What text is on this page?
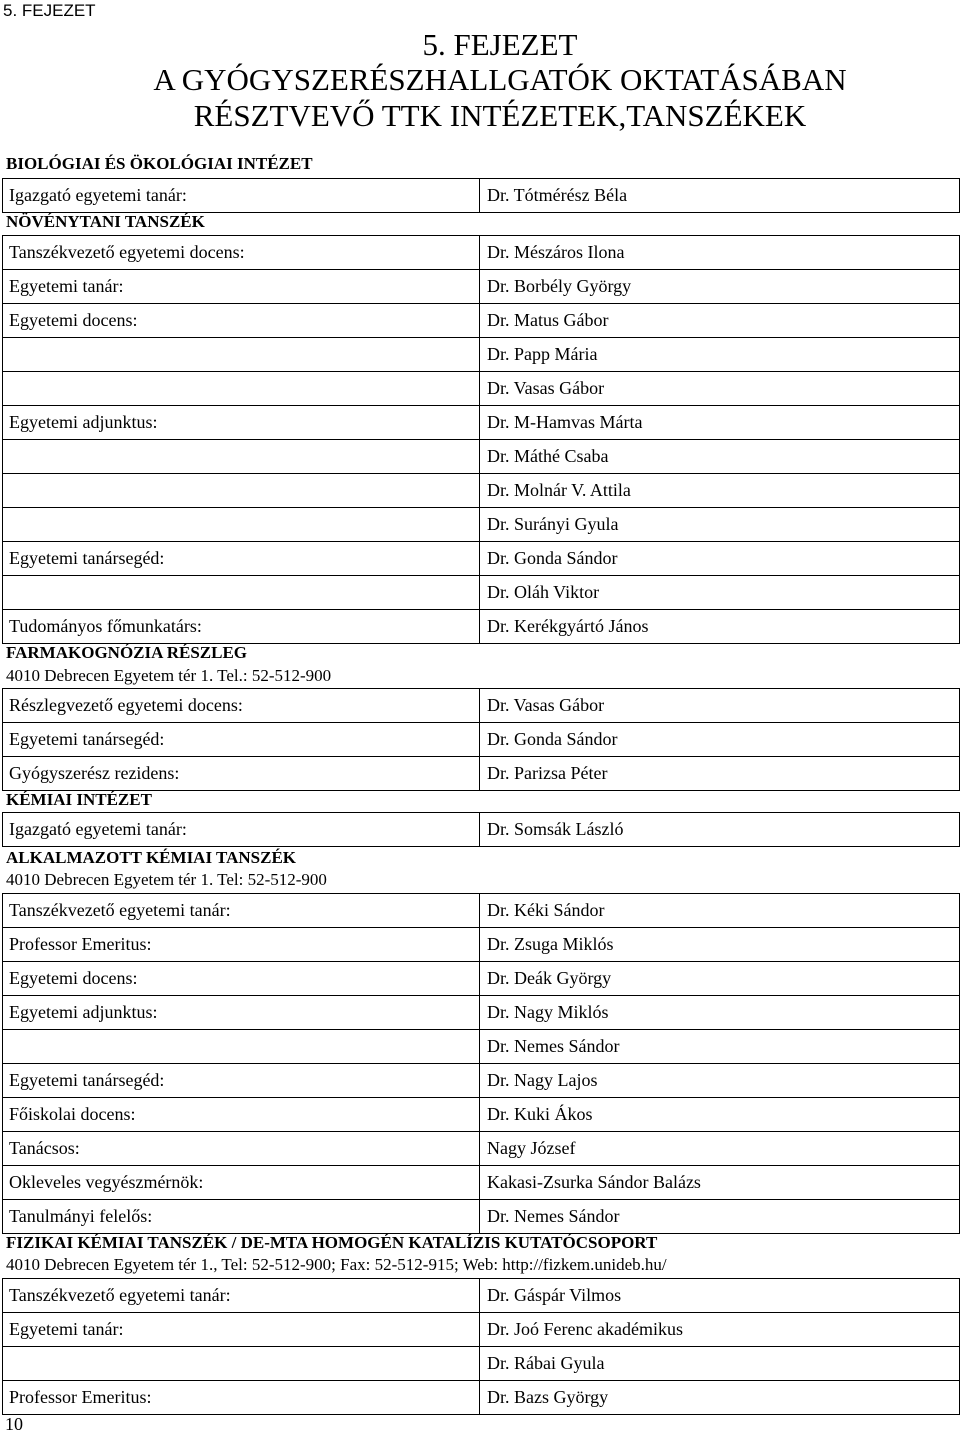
5. FEJEZET
5. FEJEZET
A GYÓGYSZERÉSZHALLGATÓK OKTATÁSÁBAN
RÉSZTVEVŐ TTK INTÉZETEK,TANSZÉKEK
BIOLÓGIAI ÉS ÖKOLÓGIAI INTÉZET
Igazgató egyetemi tanár:	Dr. Tótmérész Béla
NÖVÉNYTANI TANSZÉK
Tanszékvezető egyetemi docens:	Dr. Mészáros Ilona
Egyetemi tanár:	Dr. Borbély György
Egyetemi docens:	Dr. Matus Gábor
	Dr. Papp Mária
	Dr. Vasas Gábor
Egyetemi adjunktus:	Dr. M-Hamvas Márta
	Dr. Máthé Csaba
	Dr. Molnár V. Attila
	Dr. Surányi Gyula
Egyetemi tanársegéd:	Dr. Gonda Sándor
	Dr. Oláh Viktor
Tudományos főmunkatárs:	Dr. Kerékgyártó János
FARMAKOGNÓZIA RÉSZLEG
4010 Debrecen Egyetem tér 1. Tel.: 52-512-900
Részlegvezető egyetemi docens:	Dr. Vasas Gábor
Egyetemi tanársegéd:	Dr. Gonda Sándor
Gyógyszerész rezidens:	Dr. Parizsa Péter
KÉMIAI INTÉZET
Igazgató egyetemi tanár:	Dr. Somsák László
ALKALMAZOTT KÉMIAI TANSZÉK
4010 Debrecen Egyetem tér 1. Tel: 52-512-900
Tanszékvezető egyetemi tanár:	Dr. Kéki Sándor
Professor Emeritus:	Dr. Zsuga Miklós
Egyetemi docens:	Dr. Deák György
Egyetemi adjunktus:	Dr. Nagy Miklós
	Dr. Nemes Sándor
Egyetemi tanársegéd:	Dr. Nagy Lajos
Főiskolai docens:	Dr. Kuki Ákos
Tanácsos:	Nagy József
Okleveles vegyészmérnök:	Kakasi-Zsurka Sándor Balázs
Tanulmányi felelős:	Dr. Nemes Sándor
FIZIKAI KÉMIAI TANSZÉK / DE-MTA HOMOGÉN KATALÍZIS KUTATÓCSOPORT
4010 Debrecen Egyetem tér 1., Tel: 52-512-900; Fax: 52-512-915; Web: http://fizkem.unideb.hu/
Tanszékvezető egyetemi tanár:	Dr. Gáspár Vilmos
Egyetemi tanár:	Dr. Joó Ferenc akadémikus
	Dr. Rábai Gyula
Professor Emeritus:	Dr. Bazs György
10
